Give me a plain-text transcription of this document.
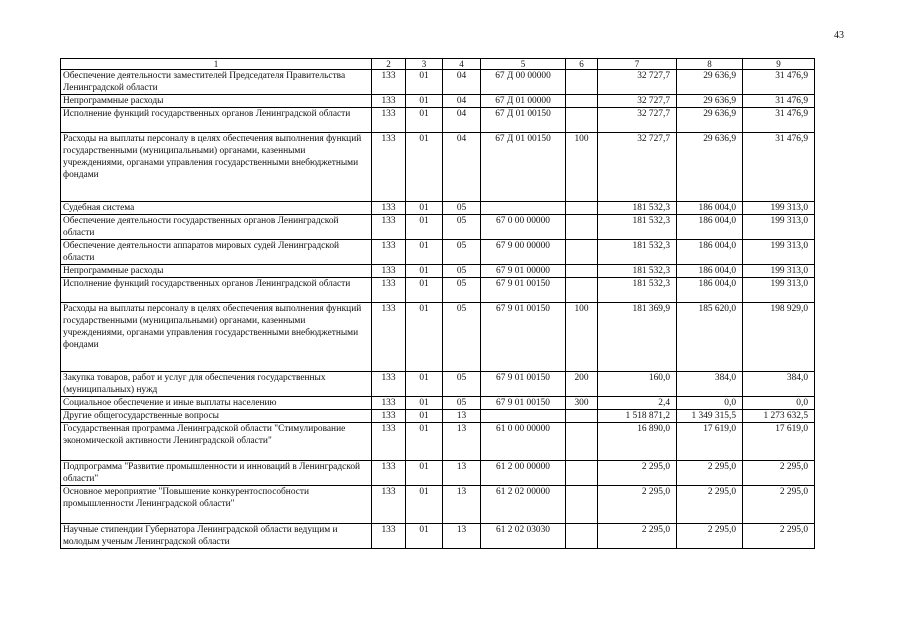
43
1	2	3	4	5	6	7	8	9
Обеспечение деятельности заместителей Председателя Правительства Ленинградской области	133	01	04	67 Д 00 00000		32 727,7	29 636,9	31 476,9
Непрограммные расходы	133	01	04	67 Д 01 00000		32 727,7	29 636,9	31 476,9
Исполнение функций государственных органов Ленинградской области	133	01	04	67 Д 01 00150		32 727,7	29 636,9	31 476,9
Расходы на выплаты персоналу в целях обеспечения выполнения функций государственными (муниципальными) органами, казенными учреждениями, органами управления государственными внебюджетными фондами	133	01	04	67 Д 01 00150	100	32 727,7	29 636,9	31 476,9
Судебная система	133	01	05			181 532,3	186 004,0	199 313,0
Обеспечение деятельности государственных органов Ленинградской области	133	01	05	67 0 00 00000		181 532,3	186 004,0	199 313,0
Обеспечение деятельности аппаратов мировых судей Ленинградской области	133	01	05	67 9 00 00000		181 532,3	186 004,0	199 313,0
Непрограммные расходы	133	01	05	67 9 01 00000		181 532,3	186 004,0	199 313,0
Исполнение функций государственных органов Ленинградской области	133	01	05	67 9 01 00150		181 532,3	186 004,0	199 313,0
Расходы на выплаты персоналу в целях обеспечения выполнения функций государственными (муниципальными) органами, казенными учреждениями, органами управления государственными внебюджетными фондами	133	01	05	67 9 01 00150	100	181 369,9	185 620,0	198 929,0
Закупка товаров, работ и услуг для обеспечения государственных (муниципальных) нужд	133	01	05	67 9 01 00150	200	160,0	384,0	384,0
Социальное обеспечение и иные выплаты населению	133	01	05	67 9 01 00150	300	2,4	0,0	0,0
Другие общегосударственные вопросы	133	01	13			1 518 871,2	1 349 315,5	1 273 632,5
Государственная программа Ленинградской области "Стимулирование экономической активности Ленинградской области"	133	01	13	61 0 00 00000		16 890,0	17 619,0	17 619,0
Подпрограмма "Развитие промышленности и инноваций в Ленинградской области"	133	01	13	61 2 00 00000		2 295,0	2 295,0	2 295,0
Основное мероприятие "Повышение конкурентоспособности промышленности Ленинградской области"	133	01	13	61 2 02 00000		2 295,0	2 295,0	2 295,0
Научные стипендии Губернатора Ленинградской области ведущим и молодым ученым Ленинградской области	133	01	13	61 2 02 03030		2 295,0	2 295,0	2 295,0
